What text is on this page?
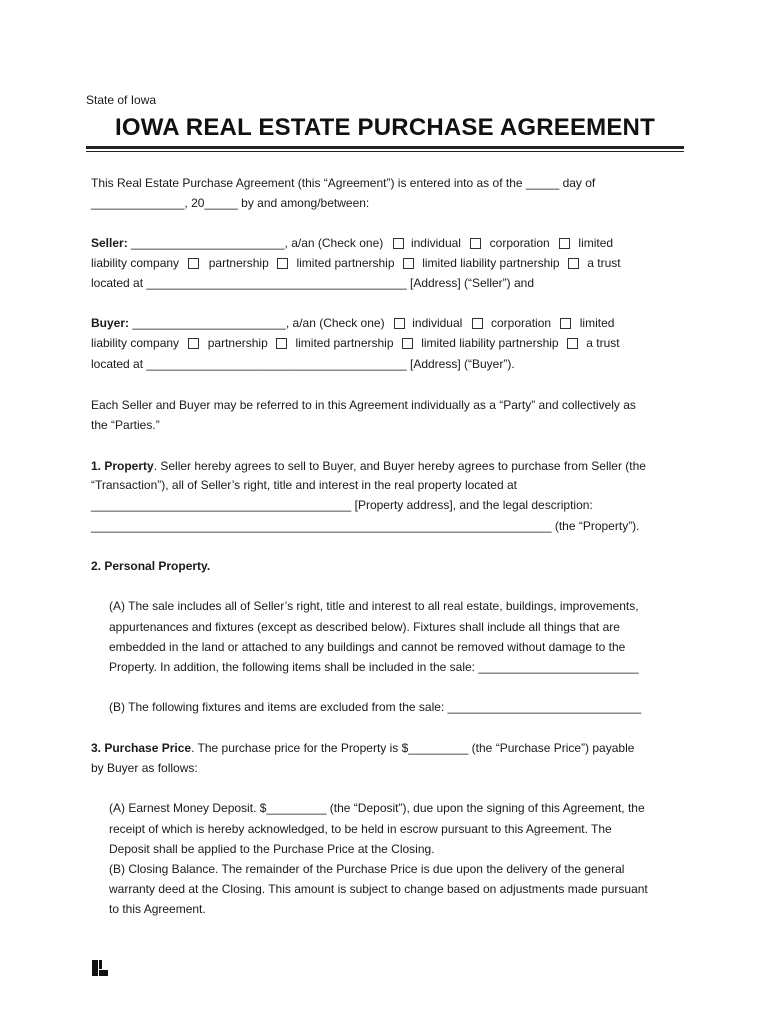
State of Iowa
IOWA REAL ESTATE PURCHASE AGREEMENT
This Real Estate Purchase Agreement (this “Agreement”) is entered into as of the _____ day of
______________, 20_____ by and among/between:
Seller: _______________________, a/an (Check one) individual corporation limited
liability company partnership limited partnership limited liability partnership a trust
located at _______________________________________ [Address] (“Seller”) and
Buyer: _______________________, a/an (Check one) individual corporation limited
liability company partnership limited partnership limited liability partnership a trust
located at _______________________________________ [Address] (“Buyer”).
Each Seller and Buyer may be referred to in this Agreement individually as a “Party” and collectively as
the “Parties.”
1. Property. Seller hereby agrees to sell to Buyer, and Buyer hereby agrees to purchase from Seller (the
“Transaction”), all of Seller’s right, title and interest in the real property located at
_______________________________________ [Property address], and the legal description:
_____________________________________________________________________ (the “Property”).
2. Personal Property.
(A) The sale includes all of Seller’s right, title and interest to all real estate, buildings, improvements,
appurtenances and fixtures (except as described below). Fixtures shall include all things that are
embedded in the land or attached to any buildings and cannot be removed without damage to the
Property. In addition, the following items shall be included in the sale: ________________________
(B) The following fixtures and items are excluded from the sale: _____________________________
3. Purchase Price. The purchase price for the Property is $_________ (the “Purchase Price”) payable
by Buyer as follows:
(A) Earnest Money Deposit. $_________ (the “Deposit”), due upon the signing of this Agreement, the
receipt of which is hereby acknowledged, to be held in escrow pursuant to this Agreement. The
Deposit shall be applied to the Purchase Price at the Closing.
(B) Closing Balance. The remainder of the Purchase Price is due upon the delivery of the general
warranty deed at the Closing. This amount is subject to change based on adjustments made pursuant
to this Agreement.
